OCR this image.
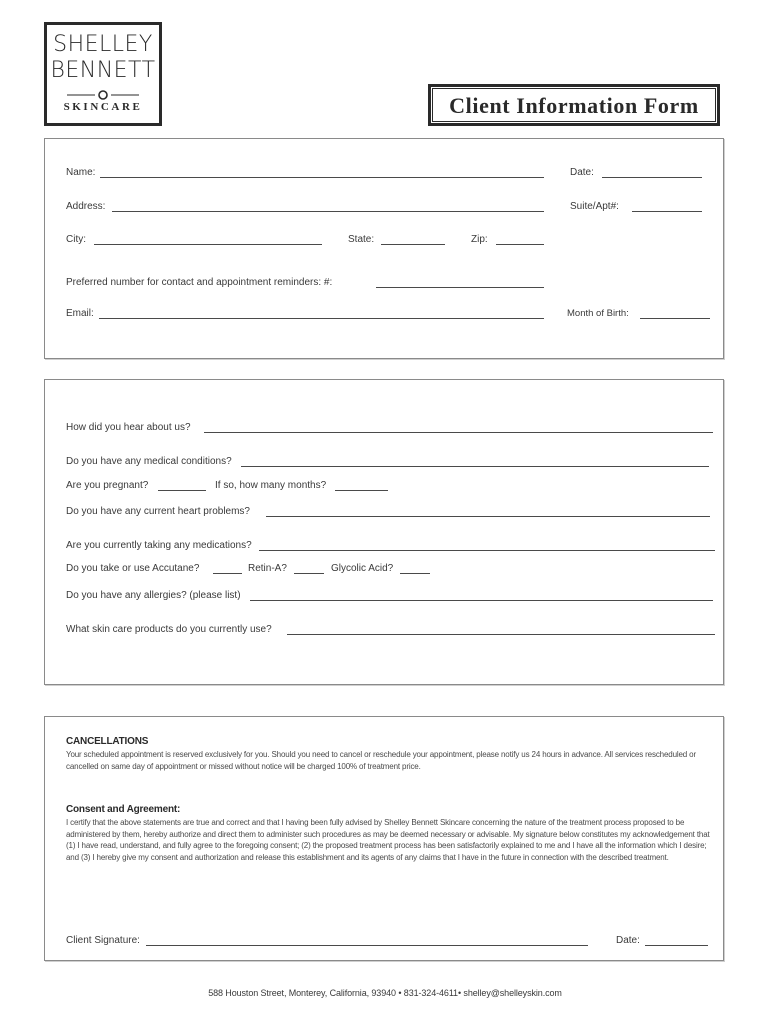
SHELLEY
BENNETT
SKINCARE	Client Information Form
Name:	Date:
Address:	Suite/Apt#:
City:	State:	Zip:
Preferred number for contact and appointment reminders: #:
Email:	Month of Birth:
How did you hear about us?
Do you have any medical conditions?
Are you pregnant?	If so, how many months?
Do you have any current heart problems?
Are you currently taking any medications?
Do you take or use Accutane?	Retin-A?	Glycolic Acid?
Do you have any allergies? (please list)
What skin care products do you currently use?
CANCELLATIONS
Your scheduled appointment is reserved exclusively for you. Should you need to cancel or reschedule your appointment, please notify us 24 hours in advance. All services rescheduled or cancelled on same day of appointment or missed without notice will be charged 100% of treatment price.
Consent and Agreement:
I certify that the above statements are true and correct and that I having been fully advised by Shelley Bennett Skincare concerning the nature of the treatment process proposed to be administered by them, hereby authorize and direct them to administer such procedures as may be deemed necessary or advisable. My signature below constitutes my acknowledgement that (1) I have read, understand, and fully agree to the foregoing consent; (2) the proposed treatment process has been satisfactorily explained to me and I have all the information which I desire; and (3) I hereby give my consent and authorization and release this establishment and its agents of any claims that I have in the future in connection with the described treatment.
Client Signature:	Date:
588 Houston Street, Monterey, California, 93940 • 831-324-4611• shelley@shelleyskin.com
